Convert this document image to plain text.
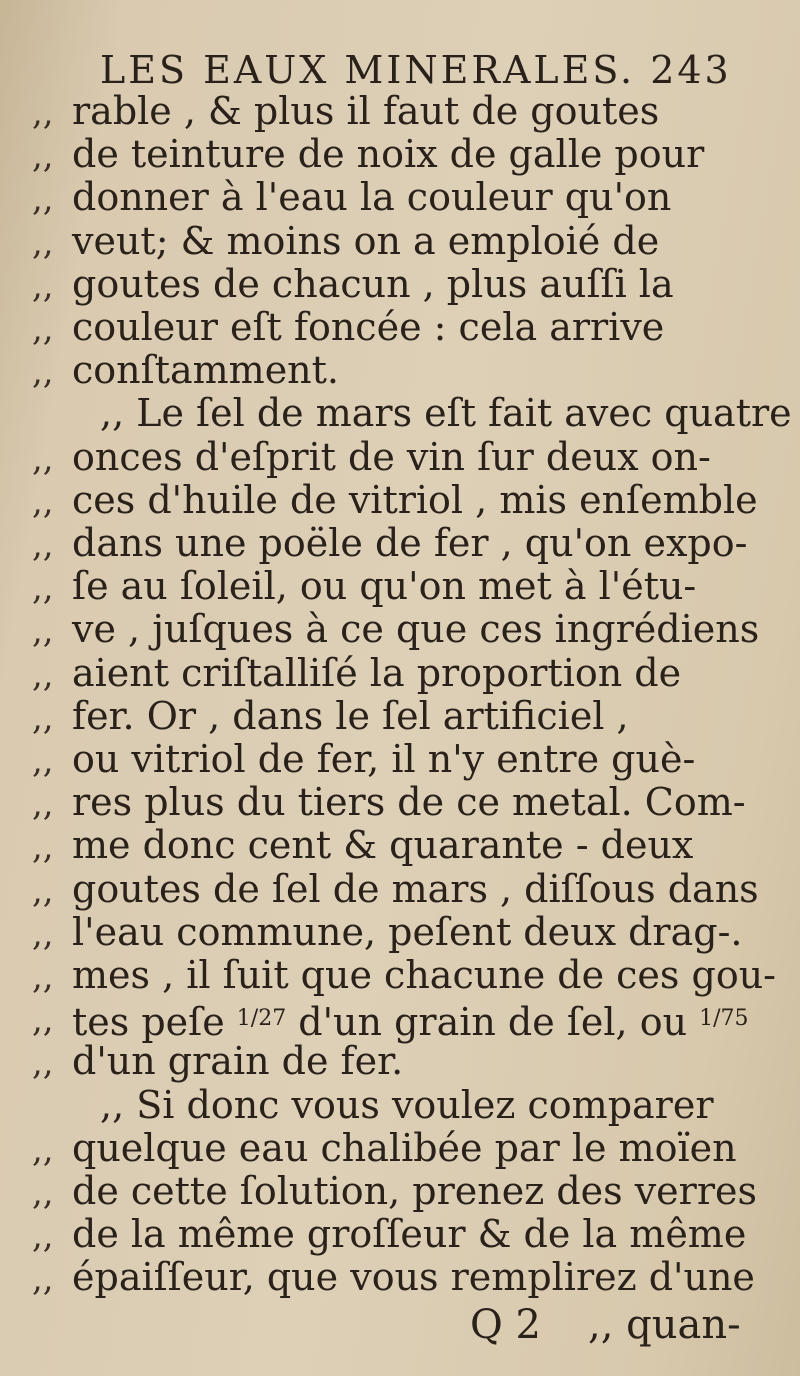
LES EAUX MINERALES. 243
,,
,,
,,
,,
,,
,,
,,
,,
,,
,,
,,
,,
,,
,,
,,
,,
,,
,,
,,
,,
,,
,,
,,
,,
,,
,,
rable , & plus il faut de goutes
de teinture de noix de galle pour
donner à l'eau la couleur qu'on
veut; & moins on a emploié de
goutes de chacun , plus auſſi la
couleur eſt foncée : cela arrive
conſtamment.
,, Le ſel de mars eſt fait avec quatre
onces d'eſprit de vin ſur deux on-
ces d'huile de vitriol , mis enſemble
dans une poële de fer , qu'on expo-
ſe au ſoleil, ou qu'on met à l'étu-
ve , juſques à ce que ces ingrédiens
aient criſtalliſé la proportion de
fer. Or , dans le ſel artificiel ,
ou vitriol de fer, il n'y entre guè-
res plus du tiers de ce metal. Com-
me donc cent & quarante - deux
goutes de ſel de mars , diſſous dans
l'eau commune, peſent deux drag-.
mes , il ſuit que chacune de ces gou-
tes peſe $^{1/27}$ d'un grain de ſel, ou $^{1/75}$
d'un grain de fer.
,, Si donc vous voulez comparer
Q 2 ,, quan-
quelque eau chalibée par le moïen
de cette ſolution, prenez des verres
de la même groſſeur & de la même
épaiſſeur, que vous remplirez d'une
